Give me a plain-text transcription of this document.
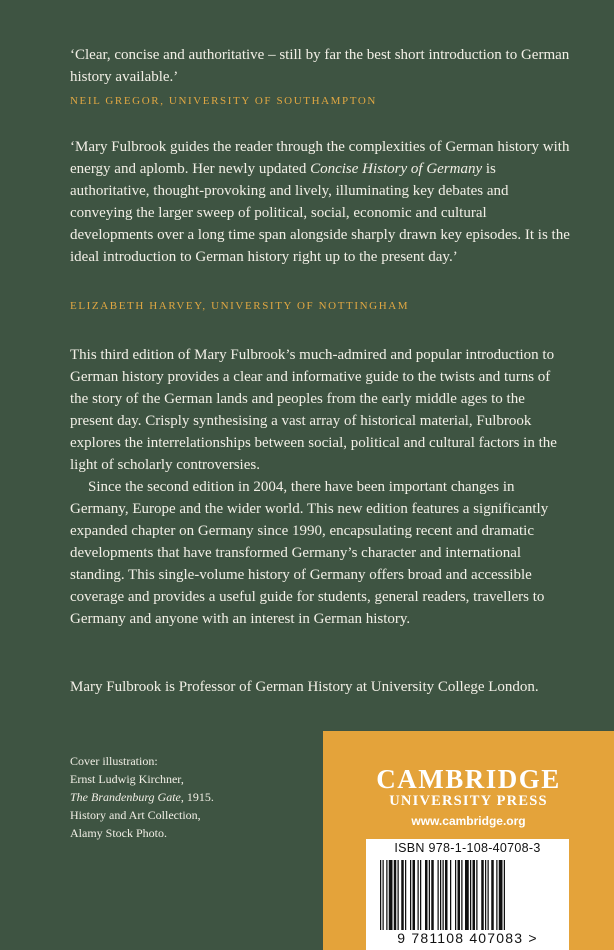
‘Clear, concise and authoritative – still by far the best short introduction to German history available.’

NEIL GREGOR, UNIVERSITY OF SOUTHAMPTON

‘Mary Fulbrook guides the reader through the complexities of German history with energy and aplomb. Her newly updated Concise History of Germany is authoritative, thought-provoking and lively, illuminating key debates and conveying the larger sweep of political, social, economic and cultural developments over a long time span alongside sharply drawn key episodes. It is the ideal introduction to German history right up to the present day.’

ELIZABETH HARVEY, UNIVERSITY OF NOTTINGHAM

This third edition of Mary Fulbrook’s much-admired and popular introduction to German history provides a clear and informative guide to the twists and turns of the story of the German lands and peoples from the early middle ages to the present day. Crisply synthesising a vast array of historical material, Fulbrook explores the interrelationships between social, political and cultural factors in the light of scholarly controversies.

Since the second edition in 2004, there have been important changes in Germany, Europe and the wider world. This new edition features a significantly expanded chapter on Germany since 1990, encapsulating recent and dramatic developments that have transformed Germany’s character and international standing. This single-volume history of Germany offers broad and accessible coverage and provides a useful guide for students, general readers, travellers to Germany and anyone with an interest in German history.

Mary Fulbrook is Professor of German History at University College London.

Cover illustration:
Ernst Ludwig Kirchner,
The Brandenburg Gate, 1915.
History and Art Collection,
Alamy Stock Photo.
CAMBRIDGE
UNIVERSITY PRESS
www.cambridge.org
ISBN 978-1-108-40708-3
9 781108 407083 >
